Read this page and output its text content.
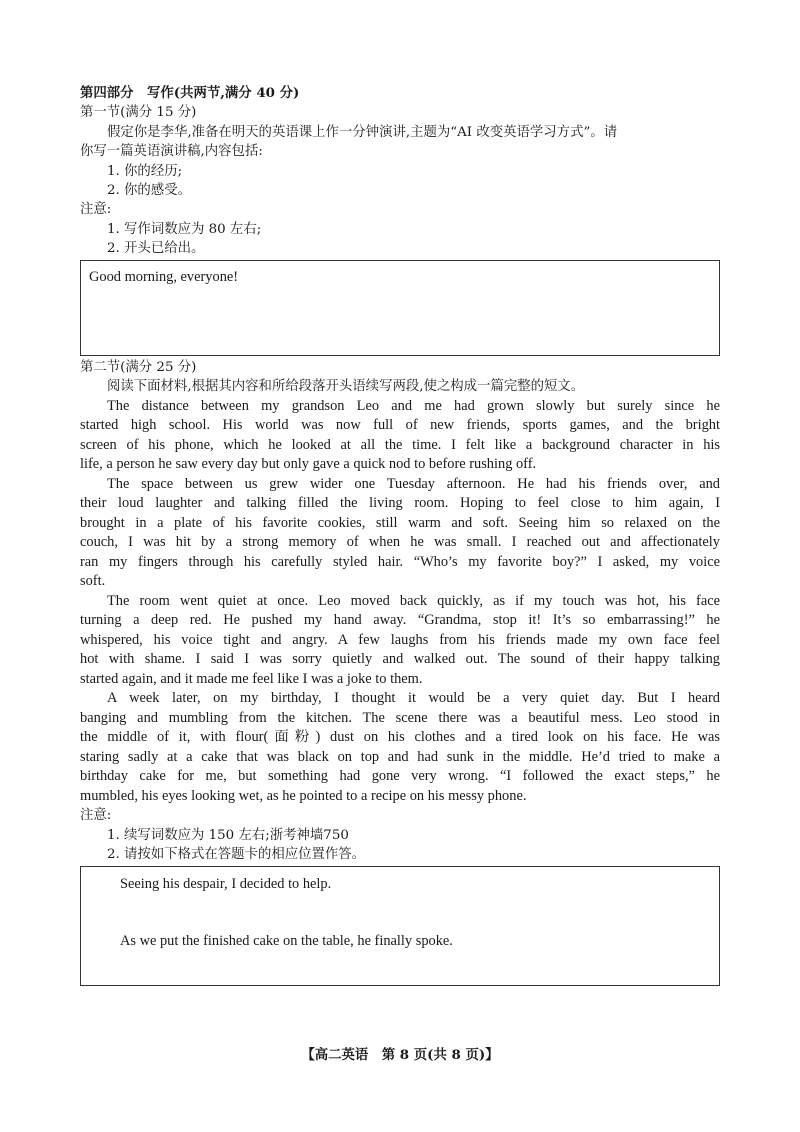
第四部分　写作(共两节,满分 40 分)
第一节(满分 15 分)
假定你是李华,准备在明天的英语课上作一分钟演讲,主题为“AI 改变英语学习方式”。请
你写一篇英语演讲稿,内容包括:
1. 你的经历;
2. 你的感受。
注意:
1. 写作词数应为 80 左右;
2. 开头已给出。
Good morning, everyone!
第二节(满分 25 分)
阅读下面材料,根据其内容和所给段落开头语续写两段,使之构成一篇完整的短文。
The distance between my grandson Leo and me had grown slowly but surely since he
started high school. His world was now full of new friends, sports games, and the bright
screen of his phone, which he looked at all the time. I felt like a background character in his
life, a person he saw every day but only gave a quick nod to before rushing off.
The space between us grew wider one Tuesday afternoon. He had his friends over, and
their loud laughter and talking filled the living room. Hoping to feel close to him again, I
brought in a plate of his favorite cookies, still warm and soft. Seeing him so relaxed on the
couch, I was hit by a strong memory of when he was small. I reached out and affectionately
ran my fingers through his carefully styled hair. “Who’s my favorite boy?” I asked, my voice
soft.
The room went quiet at once. Leo moved back quickly, as if my touch was hot, his face
turning a deep red. He pushed my hand away. “Grandma, stop it! It’s so embarrassing!” he
whispered, his voice tight and angry. A few laughs from his friends made my own face feel
hot with shame. I said I was sorry quietly and walked out. The sound of their happy talking
started again, and it made me feel like I was a joke to them.
A week later, on my birthday, I thought it would be a very quiet day. But I heard
banging and mumbling from the kitchen. The scene there was a beautiful mess. Leo stood in
the middle of it, with flour(面粉) dust on his clothes and a tired look on his face. He was
staring sadly at a cake that was black on top and had sunk in the middle. He’d tried to make a
birthday cake for me, but something had gone very wrong. “I followed the exact steps,” he
mumbled, his eyes looking wet, as he pointed to a recipe on his messy phone.
注意:
1. 续写词数应为 150 左右;浙考神墙750
2. 请按如下格式在答题卡的相应位置作答。
Seeing his despair, I decided to help.
As we put the finished cake on the table, he finally spoke.
【高二英语　第 8 页(共 8 页)】
